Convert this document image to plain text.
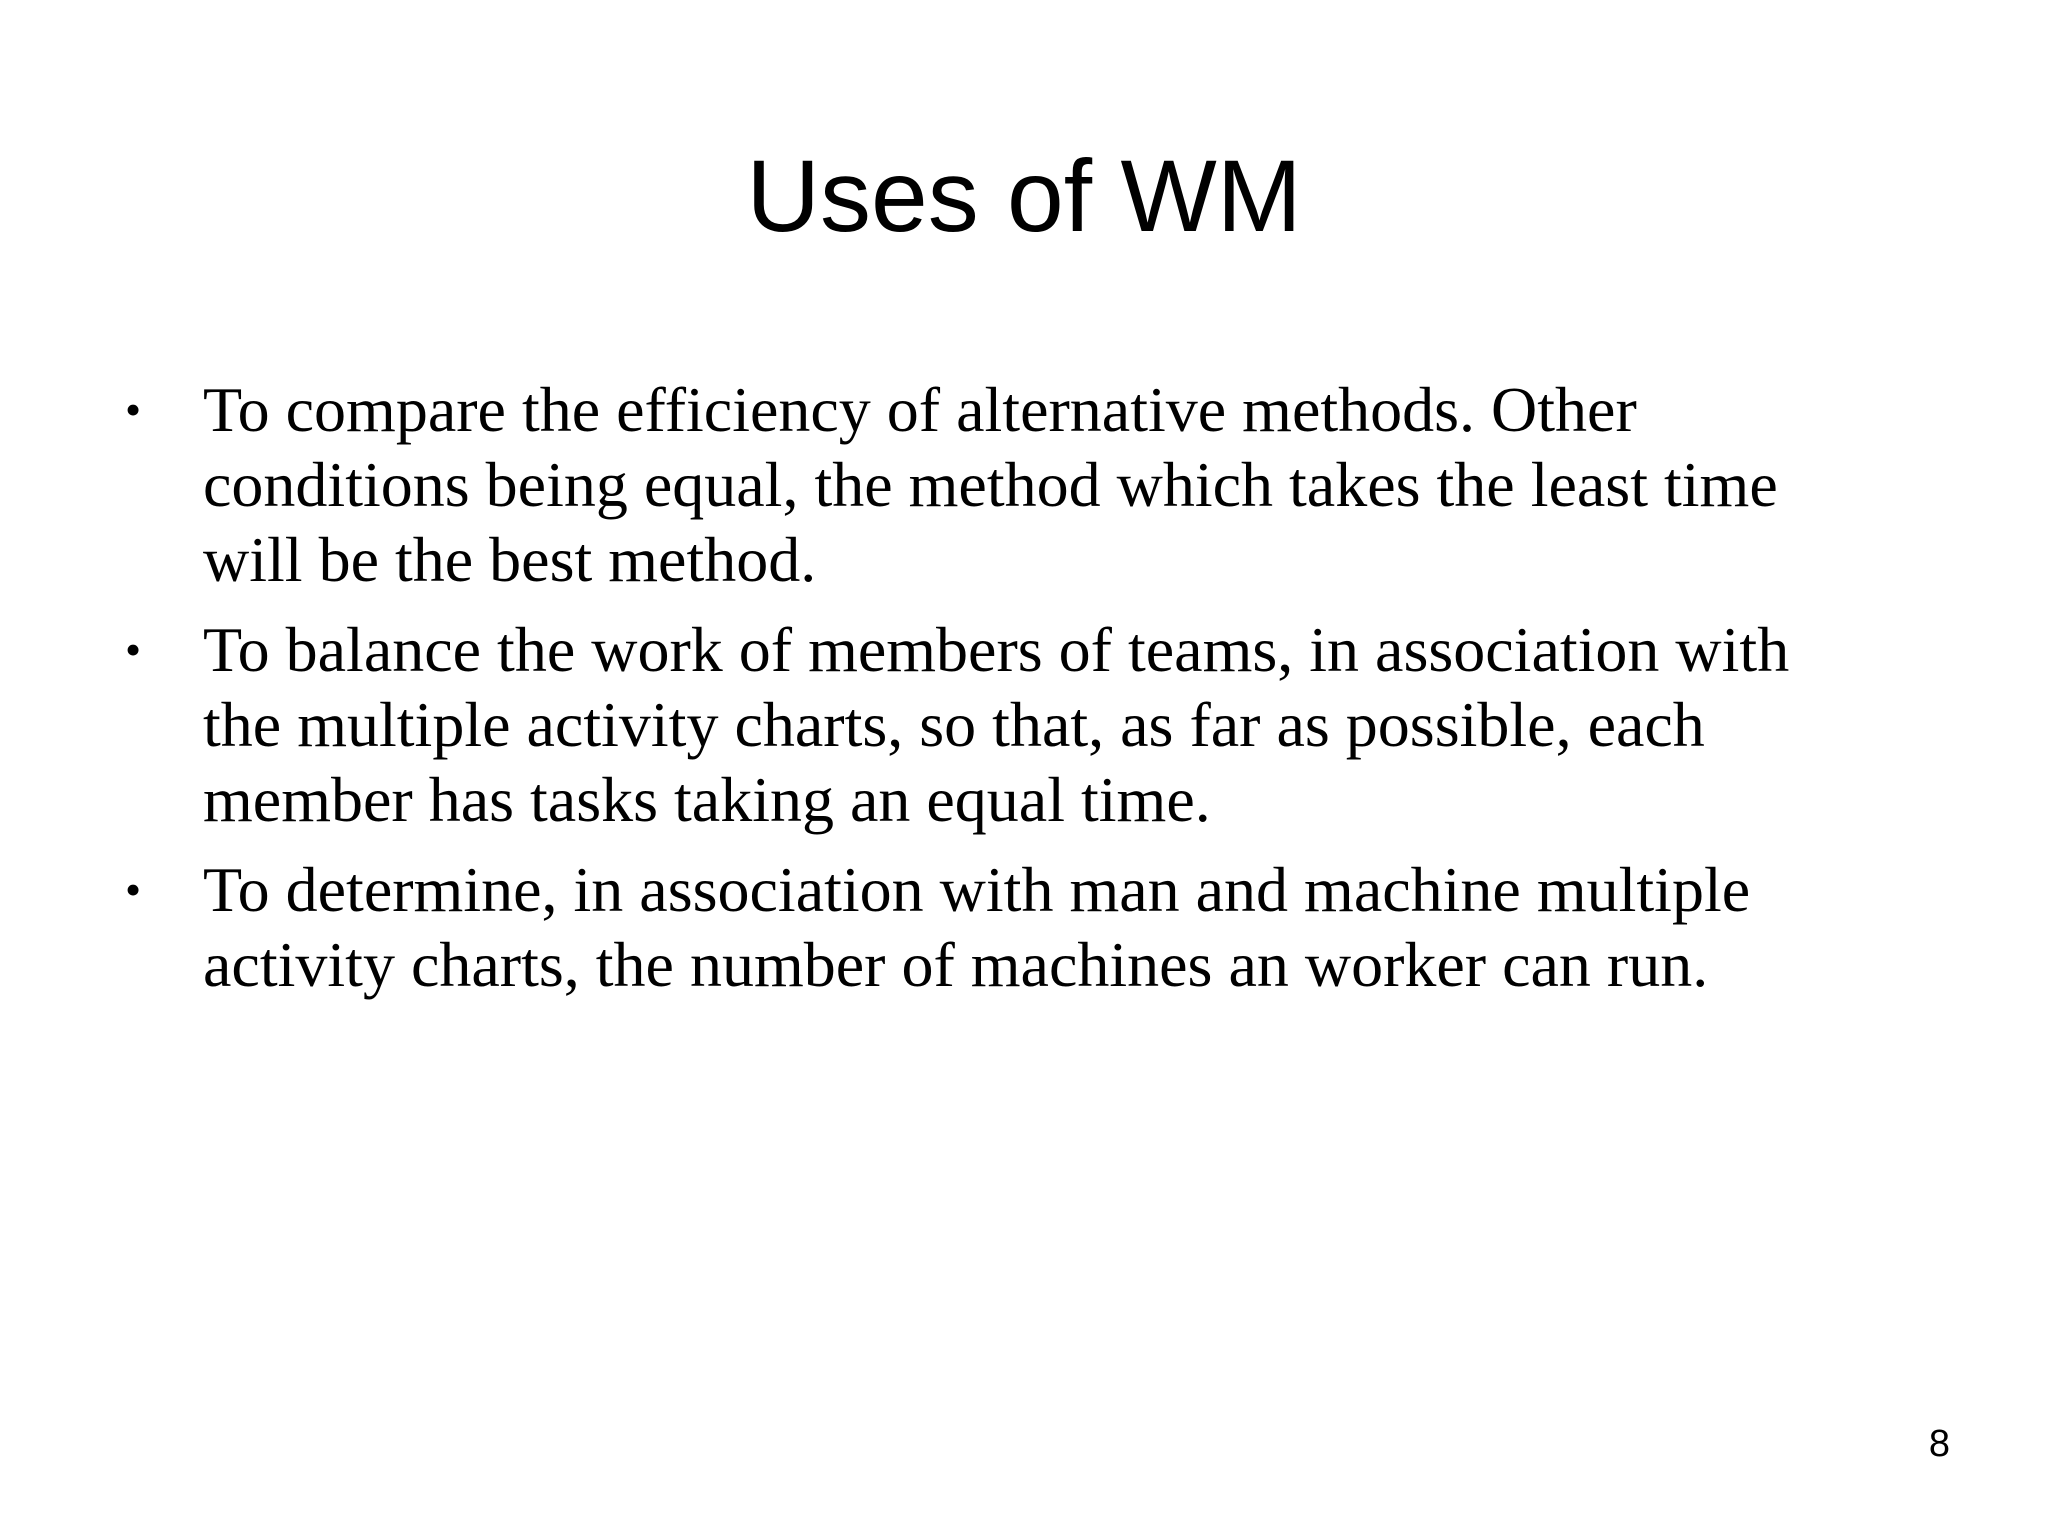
Uses of WM
• To compare the efficiency of alternative methods. Other
conditions being equal, the method which takes the least time
will be the best method.
• To balance the work of members of teams, in association with
the multiple activity charts, so that, as far as possible, each
member has tasks taking an equal time.
• To determine, in association with man and machine multiple
activity charts, the number of machines an worker can run.
8
